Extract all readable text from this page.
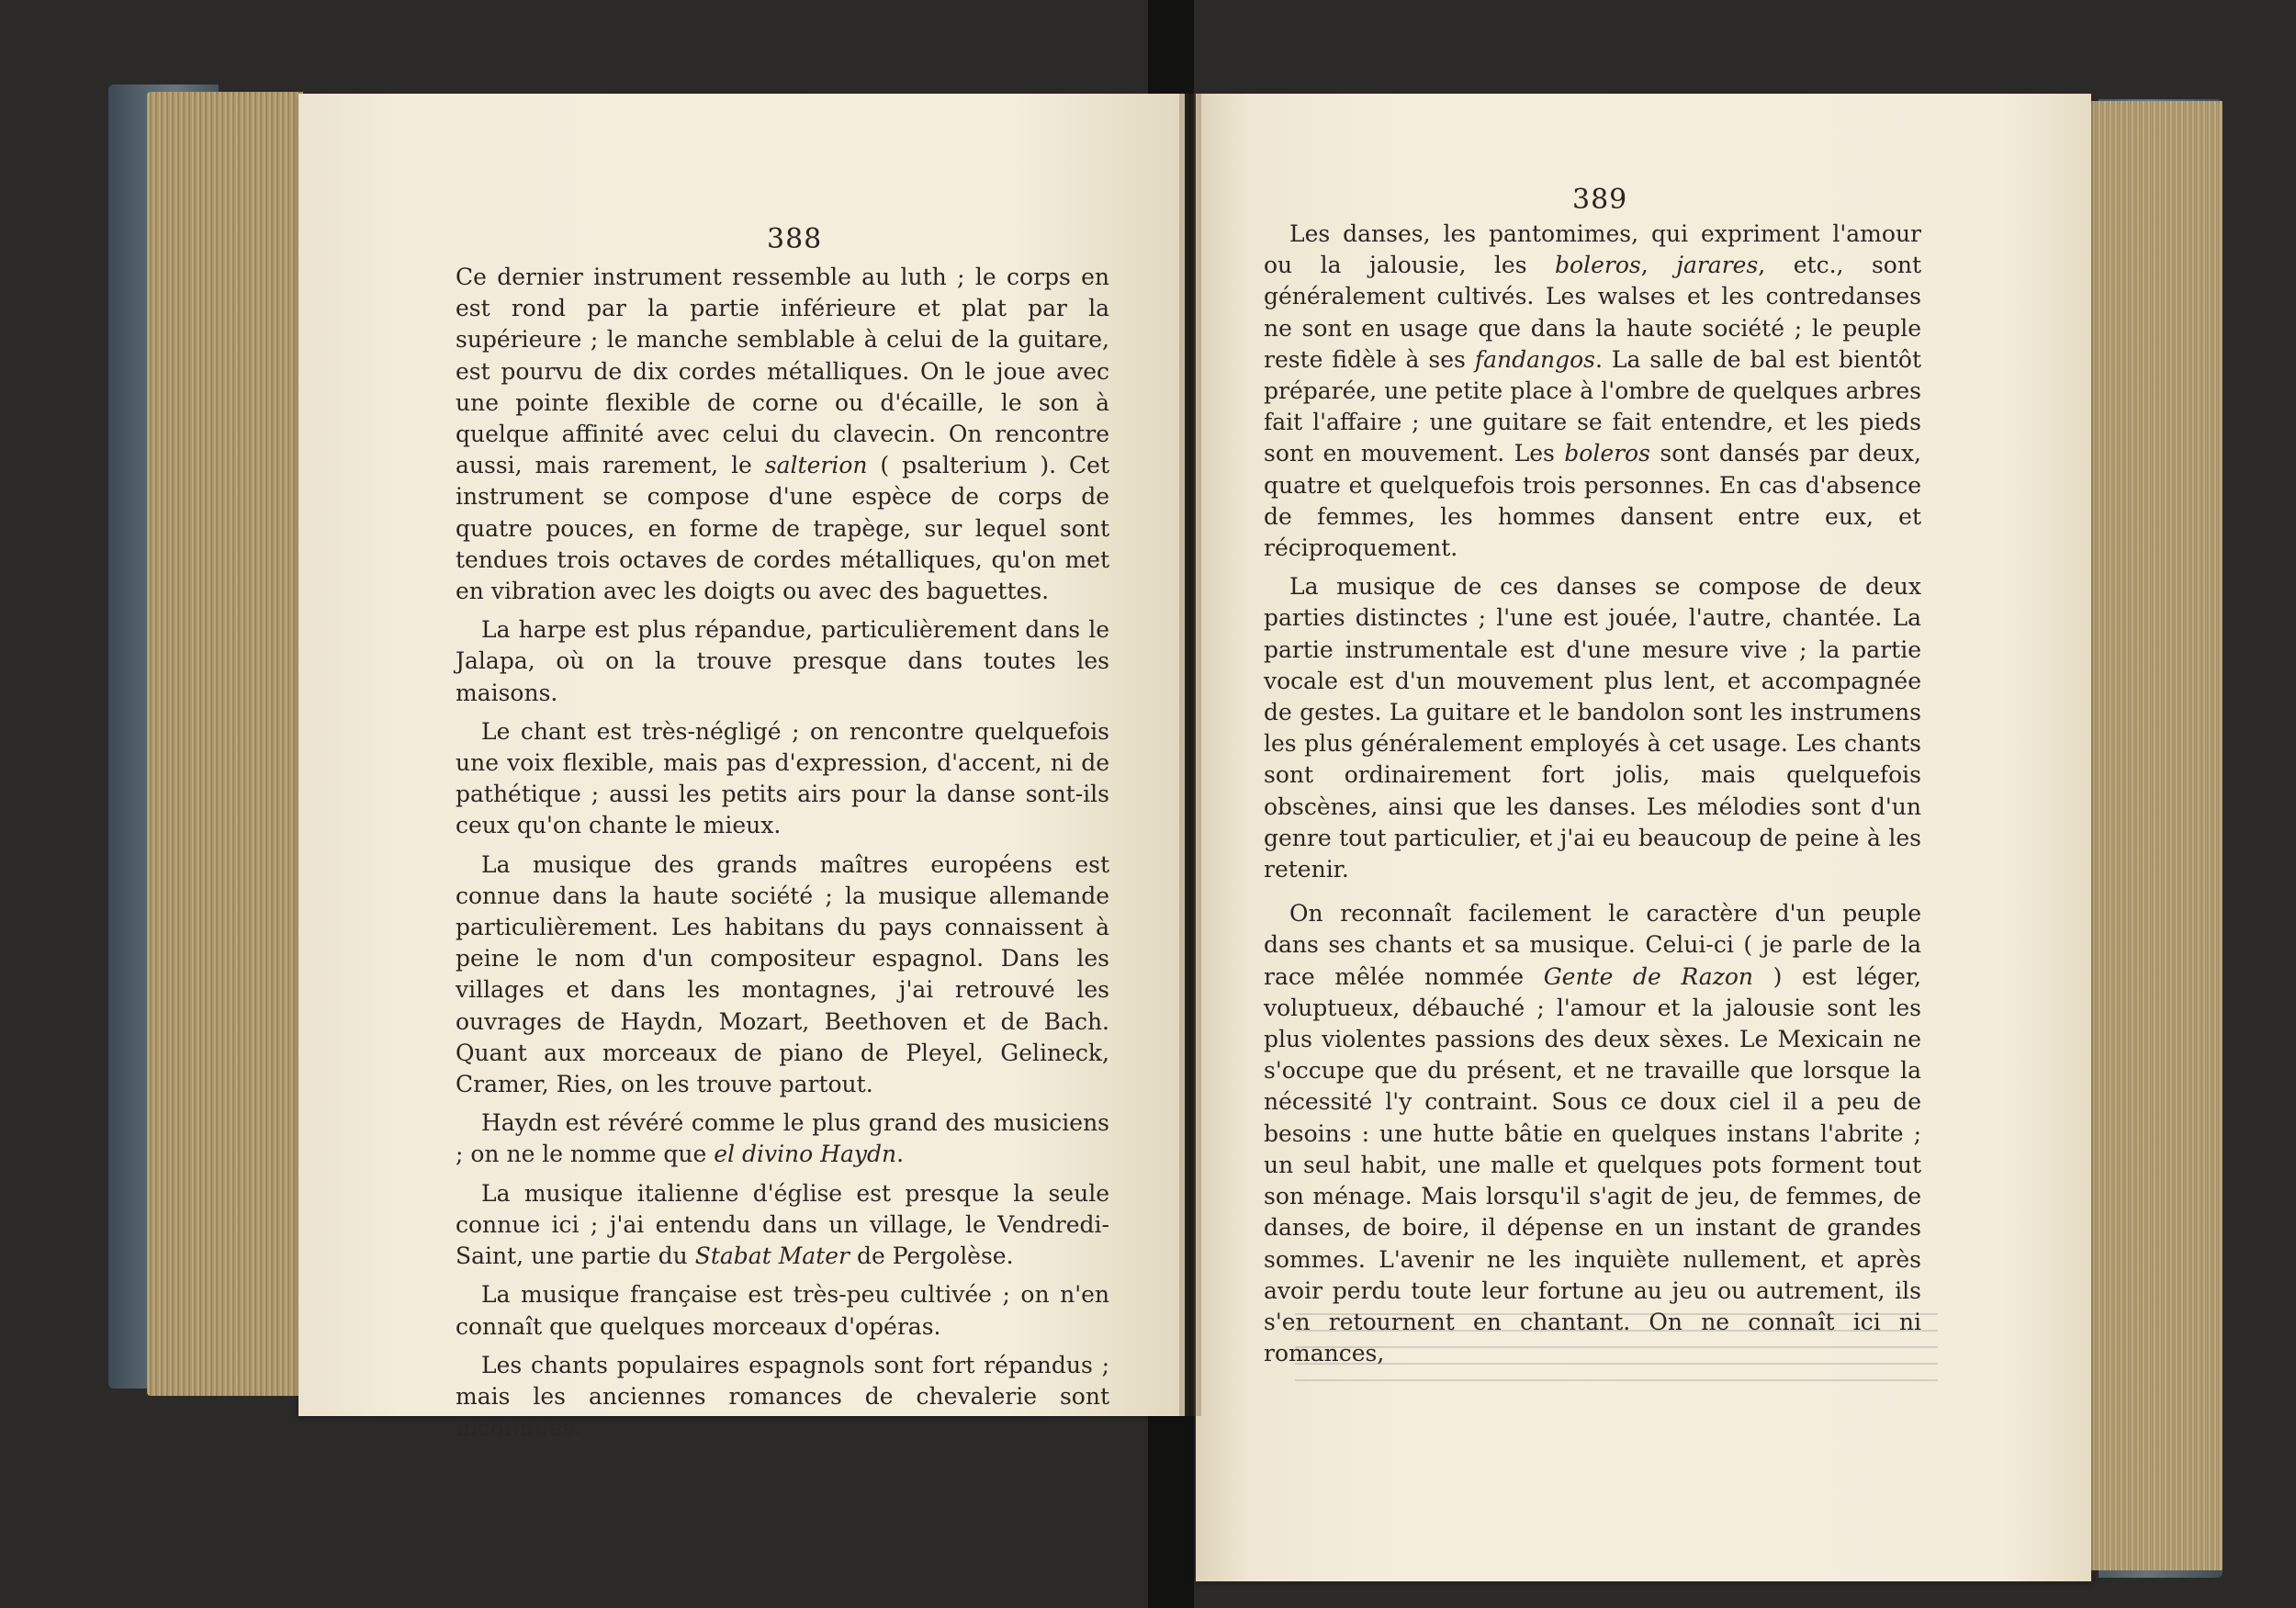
388
389

Ce dernier instrument ressemble au luth ; le corps en est rond par la partie inférieure et plat par la supérieure ; le manche semblable à celui de la guitare, est pourvu de dix cordes métalliques. On le joue avec une pointe flexible de corne ou d'écaille, le son à quelque affinité avec celui du clavecin. On rencontre aussi, mais rarement, le salterion ( psalterium ). Cet instrument se compose d'une espèce de corps de quatre pouces, en forme de trapège, sur lequel sont tendues trois octaves de cordes métalliques, qu'on met en vibration avec les doigts ou avec des baguettes.

La harpe est plus répandue, particulièrement dans le Jalapa, où on la trouve presque dans toutes les maisons.

Le chant est très-négligé ; on rencontre quelquefois une voix flexible, mais pas d'expression, d'accent, ni de pathétique ; aussi les petits airs pour la danse sont-ils ceux qu'on chante le mieux.

La musique des grands maîtres européens est connue dans la haute société ; la musique allemande particulièrement. Les habitans du pays connaissent à peine le nom d'un compositeur espagnol. Dans les villages et dans les montagnes, j'ai retrouvé les ouvrages de Haydn, Mozart, Beethoven et de Bach. Quant aux morceaux de piano de Pleyel, Gelineck, Cramer, Ries, on les trouve partout.

Haydn est révéré comme le plus grand des musiciens ; on ne le nomme que el divino Haydn.

La musique italienne d'église est presque la seule connue ici ; j'ai entendu dans un village, le Vendredi-Saint, une partie du Stabat Mater de Pergolèse.

La musique française est très-peu cultivée ; on n'en connaît que quelques morceaux d'opéras.

Les chants populaires espagnols sont fort répandus ; mais les anciennes romances de chevalerie sont inconnues.

Les danses, les pantomimes, qui expriment l'amour ou la jalousie, les boleros, jarares, etc., sont généralement cultivés. Les walses et les contredanses ne sont en usage que dans la haute société ; le peuple reste fidèle à ses fandangos. La salle de bal est bientôt préparée, une petite place à l'ombre de quelques arbres fait l'affaire ; une guitare se fait entendre, et les pieds sont en mouvement. Les boleros sont dansés par deux, quatre et quelquefois trois personnes. En cas d'absence de femmes, les hommes dansent entre eux, et réciproquement.

La musique de ces danses se compose de deux parties distinctes ; l'une est jouée, l'autre, chantée. La partie instrumentale est d'une mesure vive ; la partie vocale est d'un mouvement plus lent, et accompagnée de gestes. La guitare et le bandolon sont les instrumens les plus généralement employés à cet usage. Les chants sont ordinairement fort jolis, mais quelquefois obscènes, ainsi que les danses. Les mélodies sont d'un genre tout particulier, et j'ai eu beaucoup de peine à les retenir.

On reconnaît facilement le caractère d'un peuple dans ses chants et sa musique. Celui-ci ( je parle de la race mêlée nommée Gente de Razon ) est léger, voluptueux, débauché ; l'amour et la jalousie sont les plus violentes passions des deux sèxes. Le Mexicain ne s'occupe que du présent, et ne travaille que lorsque la nécessité l'y contraint. Sous ce doux ciel il a peu de besoins : une hutte bâtie en quelques instans l'abrite ; un seul habit, une malle et quelques pots forment tout son ménage. Mais lorsqu'il s'agit de jeu, de femmes, de danses, de boire, il dépense en un instant de grandes sommes. L'avenir ne les inquiète nullement, et après avoir perdu toute leur fortune au jeu ou autrement, ils s'en retournent en chantant. On ne connaît ici ni romances,
